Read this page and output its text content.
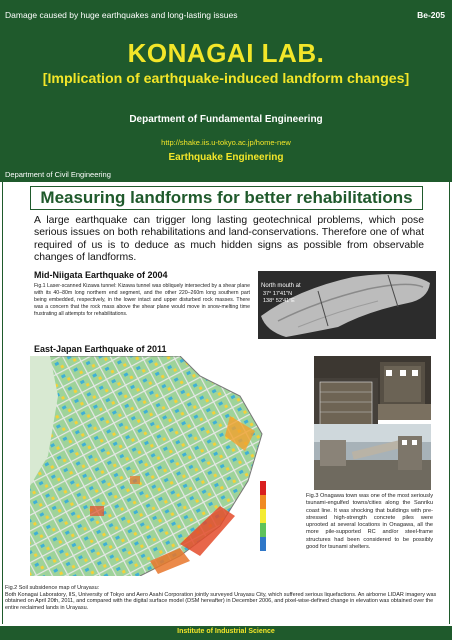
Damage caused by huge earthquakes and long-lasting issues	Be-205
KONAGAI LAB.
[Implication of earthquake-induced landform changes]
Department of Fundamental Engineering
http://shake.iis.u-tokyo.ac.jp/home-new
Earthquake Engineering
Department of Civil Engineering
Measuring landforms for better rehabilitations
A large earthquake can trigger long lasting geotechnical problems, which pose serious issues on both rehabilitations and land-conservations. Therefore one of what required of us is to deduce as much hidden signs as possible from observable changes of landforms.
Mid-Niigata Earthquake of 2004
Fig.1 Laser-scanned Kizawa tunnel: Kizawa tunnel was obliquely intersected by a shear plane with its 40–80m long northern end segment, and the other 220–260m long southern part being embedded, respectively, in the lower intact and upper disturbed rock masses. There was a concern that the rock mass above the shear plane would move in snow-melting time frustrating all attempts for rehabilitations.
North mouth at
37° 17'41"N
138° 52'41"E
East-Japan Earthquake of 2011
Fig.3 Onagawa town was one of the most seriously tsunami-engulfed towns/cities along the Sanriku coast line. It was shocking that buildings with pre-stressed high-strength concrete piles were uprooted at several locations in Onagawa, all the more pile-supported RC and/or steel-frame structures had been considered to be possibly good for tsunami shelters.
Fig.2 Soil subsidence map of Urayasu:
Both Konagai Laboratory, IIS, University of Tokyo and Aero Asahi Corporation jointly surveyed Urayasu City, which suffered serious liquefactions. An airborne LIDAR imagery was obtained on April 20th, 2011, and compared with the digital surface model (DSM hereafter) in December 2006, and pixel-wise-defined change in elevation was obtained over the entire reclaimed lands in Urayasu.
Institute of Industrial Science
